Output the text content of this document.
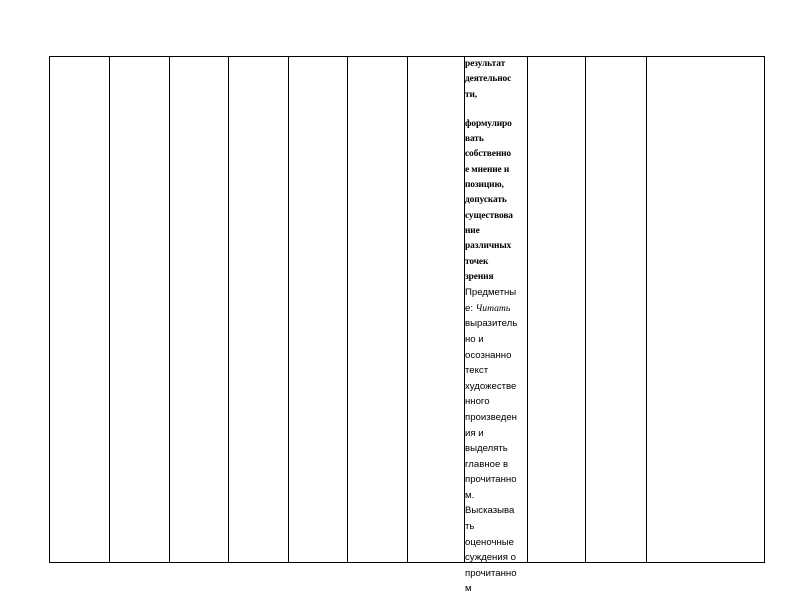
результат
деятельнос
ти,
формулиро
вать
собственно
е мнение и
позицию,
допускать
существова
ние
различных
точек
зрения
Предметны
е: Читать
выразитель
но и
осознанно
текст
художестве
нного
произведен
ия и
выделять
главное в
прочитанно
м.
Высказыва
ть
оценочные
суждения о
прочитанно
м
